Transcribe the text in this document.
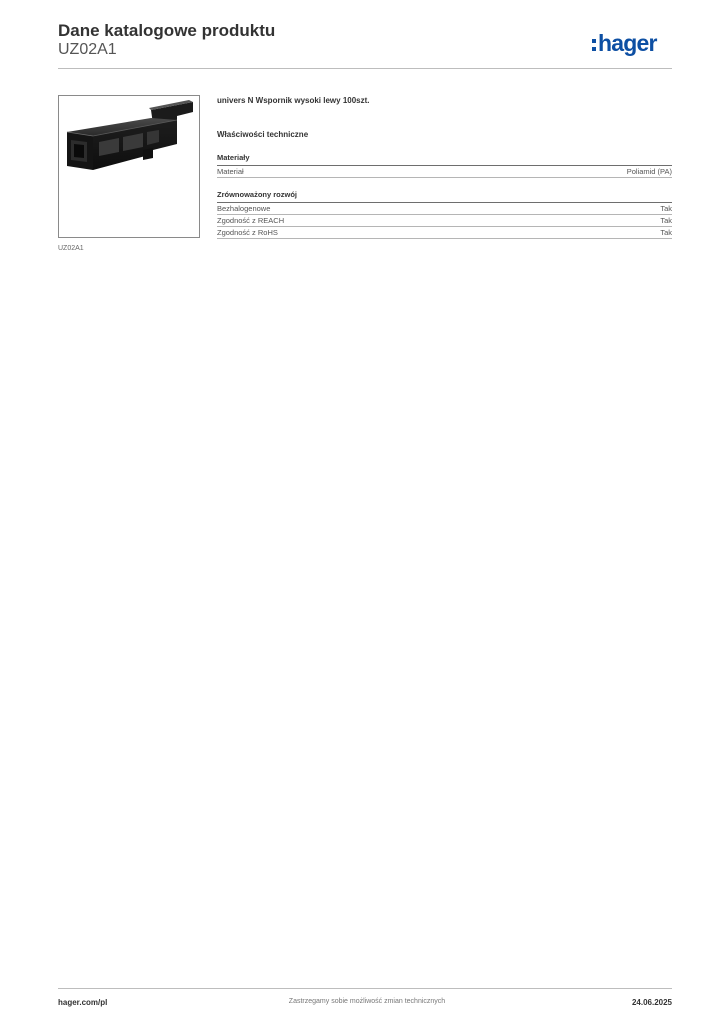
Dane katalogowe produktu
UZ02A1	hager
UZ02A1

univers N Wspornik wysoki lewy 100szt.

Właściwości techniczne

Materiały

Materiał	Poliamid (PA)

Zrównoważony rozwój

Bezhalogenowe	Tak
Zgodność z REACH	Tak
Zgodność z RoHS	Tak
hager.com/pl	Zastrzegamy sobie możliwość zmian technicznych	24.06.2025
